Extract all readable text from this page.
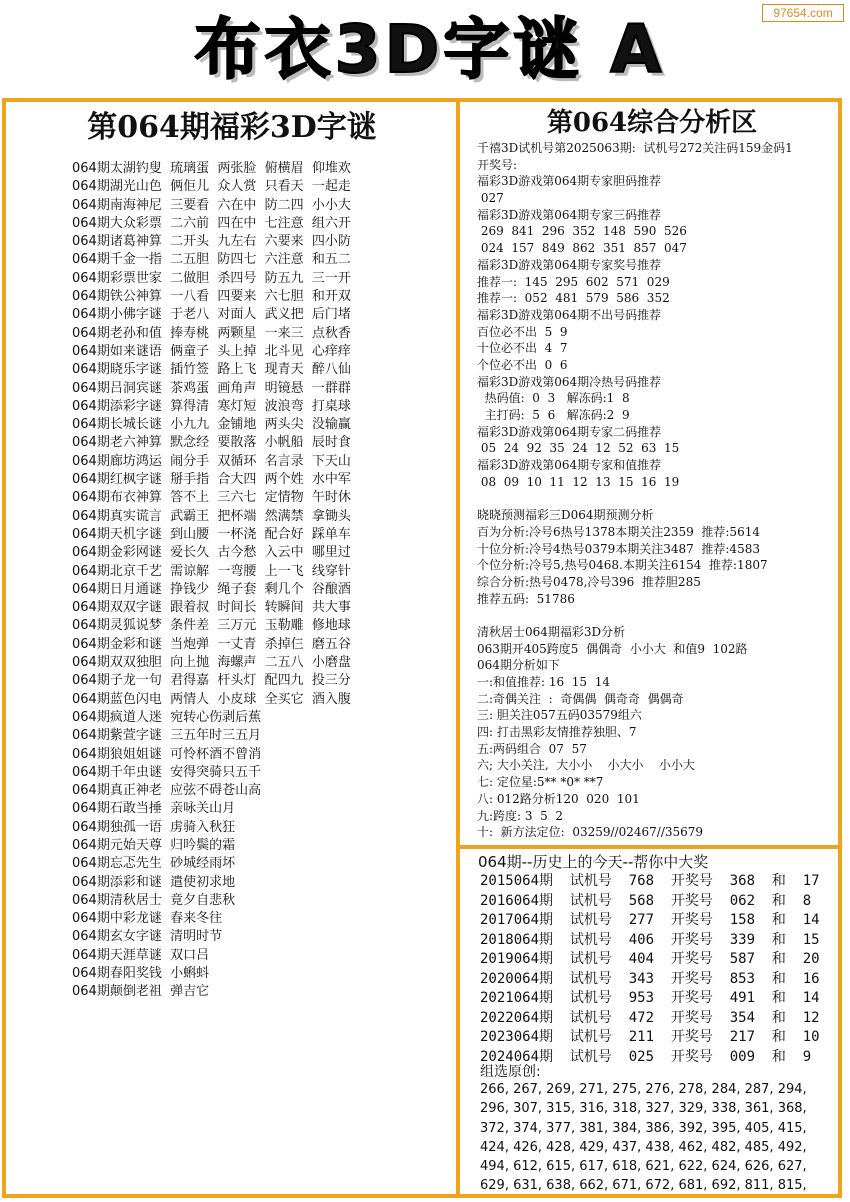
97654.com
布衣3D字谜 A
第064期福彩3D字谜
064期太湖钓叟  琉璃蛋  两张脸  俯横眉  仰堆欢
064期湖光山色  俩佢儿  众人赏  只看天  一起走
064期南海神尼  三要看  六在中  防二四  小小大
064期大众彩票  二六前  四在中  七注意  组六开
064期诸葛神算  二开头  九左右  六要来  四小防
064期千金一指  二五胆  防四七  六注意  和五二
064期彩票世家  二做胆  杀四号  防五九  三一开
064期铁公神算  一八看  四要来  六七胆  和开双
064期小佛字谜  于老八  对面人  武义把  后门堵
064期老孙和值  捧寿桃  两颗星  一来三  点秋香
064期如来谜语  俩童子  头上掉  北斗见  心痒痒
064期晓乐字谜  插竹签  路上飞  现青天  醉八仙
064期吕洞宾谜  茶鸡蛋  画角声  明镜悬  一群群
064期添彩字谜  算得清  寒灯短  波浪弯  打桌球
064期长城长谜  小九九  金铺地  两头尖  没输赢
064期老六神算  默念经  要散落  小帆船  辰时食
064期廊坊鸿运  闹分手  双循环  名言录  下天山
064期红枫字谜  掰手指  合大四  两个姓  水中军
064期布衣神算  答不上  三六七  定情物  午时休
064期真实谎言  武霸王  把杯端  然满禁  拿锄头
064期天机字谜  到山腰  一杯浇  配合好  踩单车
064期金彩网谜  爱长久  古今愁  入云中  哪里过
064期北京千艺  需谅解  一弯腰  上一飞  线穿针
064期日月通谜  挣钱少  绳子套  剩几个  谷酿酒
064期双双字谜  跟着叔  时间长  转瞬间  共大事
064期灵狐说梦  条件差  三万元  玉勒雕  修地球
064期金彩和谜  当炮弹  一丈青  杀掉仨  磨五谷
064期双双独胆  向上抛  海螺声  二五八  小磨盘
064期子龙一句  君得嘉  杆头灯  配四九  投三分
064期蓝色闪电  两情人  小皮球  全买它  酒入腹
064期疯道人迷  宛转心伤剥后蕉
064期紫萱字谜  三五年时三五月
064期狼姐姐谜  可怜杯酒不曾消
064期千年虫谜  安得突骑只五千
064期真正神老  应弦不碍苍山高
064期石敢当捶  亲咏关山月
064期独孤一语  虏骑入秋狂
064期元始天尊  归吟鬓的霜
064期忘忑先生  砂城经雨坏
064期添彩和谜  遣使初求地
064期清秋居士  竟夕自悲秋
064期中彩龙谜  春来冬往
064期玄女字谜  清明时节
064期天涯草谜  双口吕
064期春阳奖钱  小蝌蚪
064期颠倒老祖  弹吉它
第064综合分析区
千禧3D试机号第2025063期:  试机号272关注码159金码1
开奖号:
福彩3D游戏第064期专家胆码推荐
027
福彩3D游戏第064期专家三码推荐
269  841  296  352  148  590  526
024  157  849  862  351  857  047
福彩3D游戏第064期专家奖号推荐
推荐一:  145  295  602  571  029
推荐一:  052  481  579  586  352
福彩3D游戏第064期不出号码推荐
百位必不出  5  9
十位必不出  4  7
个位必不出  0  6
福彩3D游戏第064期冷热号码推荐
热码值:  0  3   解冻码:1  8
主打码:  5  6   解冻码:2  9
福彩3D游戏第064期专家二码推荐
05  24  92  35  24  12  52  63  15
福彩3D游戏第064期专家和值推荐
08  09  10  11  12  13  15  16  19
晓晓预测福彩三D064期预测分析
百为分析:冷号6热号1378本期关注2359  推荐:5614
十位分析:冷号4热号0379本期关注3487  推荐:4583
个位分析:冷号5,热号0468.本期关注6154  推荐:1807
综合分析:热号0478,冷号396  推荐胆285
推荐五码:  51786
清秋居士064期福彩3D分析
063期开405跨度5  偶偶奇  小小大  和值9  102路
064期分析如下
一:和值推荐: 16  15  14
二:奇偶关注  :  奇偶偶  偶奇奇  偶偶奇
三: 胆关注057五码03579组六
四: 打击黑彩友情推荐独胆、7
五:两码组合  07  57
六; 大小关注,  大小小    小大小    小小大
七: 定位星:5** *0* **7
八: 012路分析120  020  101
九:跨度: 3  5  2
十:  新方法定位:  03259//02467//35679
064期--历史上的今天--帮你中大奖
2015064期  试机号  768  开奖号  368  和  17
2016064期  试机号  568  开奖号  062  和  8
2017064期  试机号  277  开奖号  158  和  14
2018064期  试机号  406  开奖号  339  和  15
2019064期  试机号  404  开奖号  587  和  20
2020064期  试机号  343  开奖号  853  和  16
2021064期  试机号  953  开奖号  491  和  14
2022064期  试机号  472  开奖号  354  和  12
2023064期  试机号  211  开奖号  217  和  10
2024064期  试机号  025  开奖号  009  和  9
组选原创:
266, 267, 269, 271, 275, 276, 278, 284, 287, 294,
296, 307, 315, 316, 318, 327, 329, 338, 361, 368,
372, 374, 377, 381, 384, 386, 392, 395, 405, 415,
424, 426, 428, 429, 437, 438, 462, 482, 485, 492,
494, 612, 615, 617, 618, 621, 622, 624, 626, 627,
629, 631, 638, 662, 671, 672, 681, 692, 811, 815,
